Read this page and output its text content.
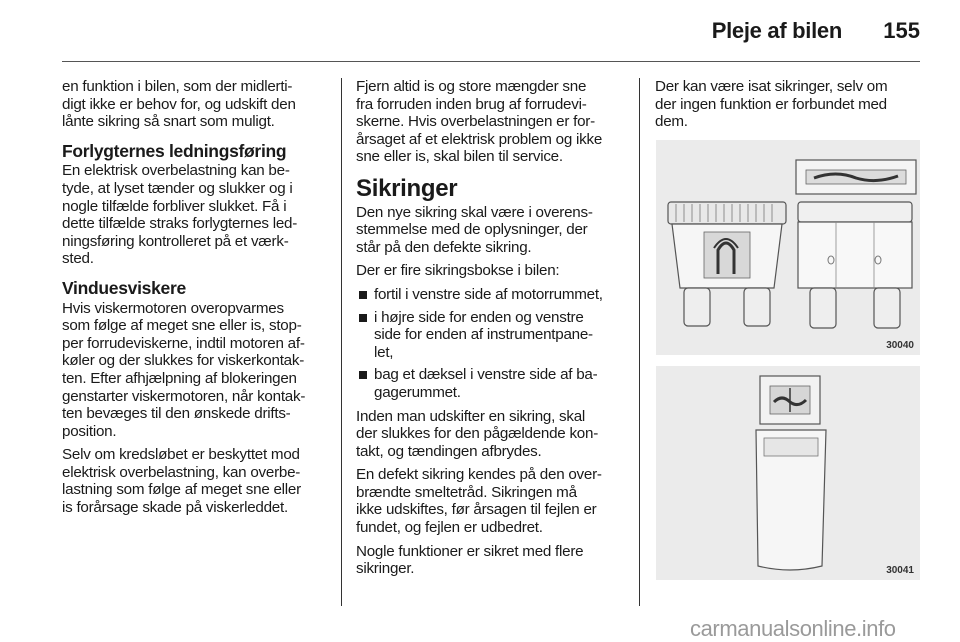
Pleje af bilen 155

en funktion i bilen, som der midlerti-
digt ikke er behov for, og udskift den
lånte sikring så snart som muligt.

Forlygternes ledningsføring

En elektrisk overbelastning kan be-
tyde, at lyset tænder og slukker og i
nogle tilfælde forbliver slukket. Få i
dette tilfælde straks forlygternes led-
ningsføring kontrolleret på et værk-
sted.

Vinduesviskere

Hvis viskermotoren overopvarmes
som følge af meget sne eller is, stop-
per forrudeviskerne, indtil motoren af-
køler og der slukkes for viskerkontak-
ten. Efter afhjælpning af blokeringen
genstarter viskermotoren, når kontak-
ten bevæges til den ønskede drifts-
position.

Selv om kredsløbet er beskyttet mod
elektrisk overbelastning, kan overbe-
lastning som følge af meget sne eller
is forårsage skade på viskerleddet.

Fjern altid is og store mængder sne
fra forruden inden brug af forrudevi-
skerne. Hvis overbelastningen er for-
årsaget af et elektrisk problem og ikke
sne eller is, skal bilen til service.

Sikringer

Den nye sikring skal være i overens-
stemmelse med de oplysninger, der
står på den defekte sikring.

Der er fire sikringsbokse i bilen:

fortil i venstre side af motorrummet,
i højre side for enden og venstre
side for enden af instrumentpane-
let,
bag et dæksel i venstre side af ba-
gagerummet.

Inden man udskifter en sikring, skal
der slukkes for den pågældende kon-
takt, og tændingen afbrydes.

En defekt sikring kendes på den over-
brændte smeltetråd. Sikringen må
ikke udskiftes, før årsagen til fejlen er
fundet, og fejlen er udbedret.

Nogle funktioner er sikret med flere
sikringer.

Der kan være isat sikringer, selv om
der ingen funktion er forbundet med
dem.

30040
30041
carmanualsonline.info
